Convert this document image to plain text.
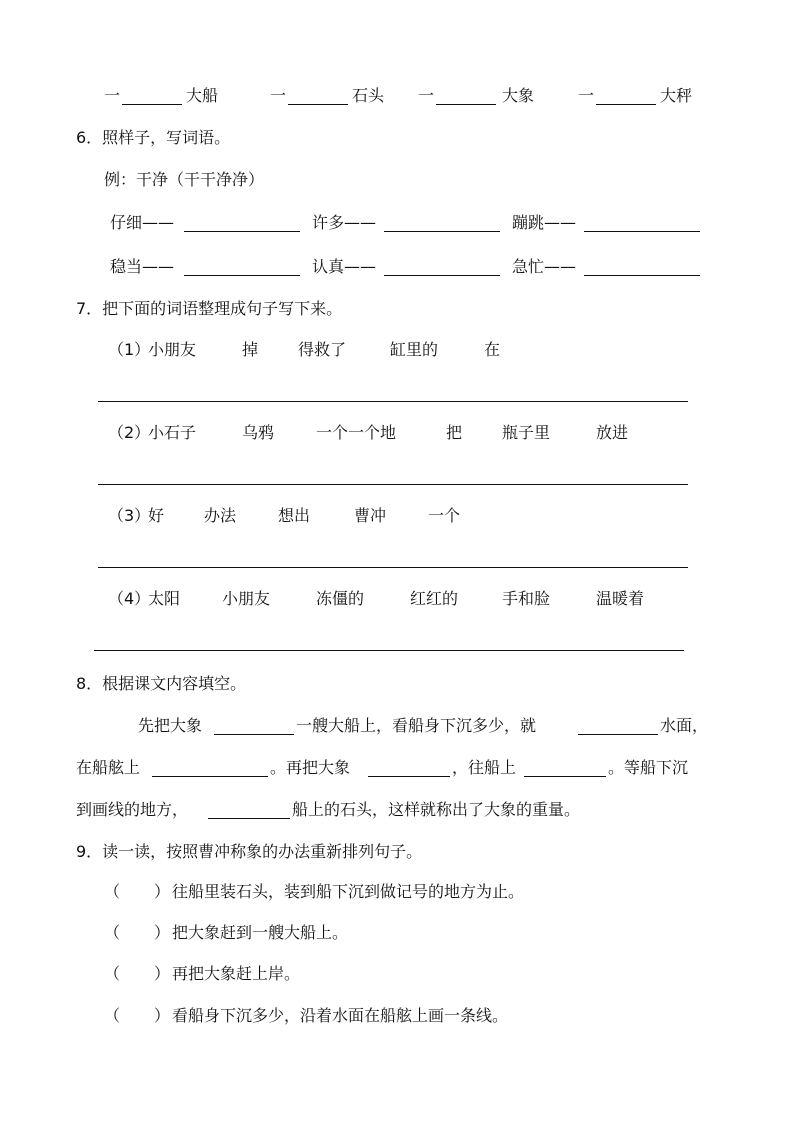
一	大船	一	石头 一	大象	一	大秤
6．照样子，写词语。
例：干净（干干净净）
仔细——	许多——	蹦跳——
稳当——	认真——	急忙——
7．把下面的词语整理成句子写下来。
（1）
小朋友	掉 得救了	缸里的	在
（2）
小石子	乌鸦	一个一个地	把 瓶子里	放进
（3）
好 办法	想出	曹冲	一个
（4）
太阳	小朋友	冻僵的	红红的	手和脸	温暖着
8．根据课文内容填空。
先把大象	一艘大船上，看船身下沉多少，就	水面，
在船舷上	。再把大象	，往船上	。等船下沉
到画线的地方，	船上的石头，这样就称出了大象的重量。
9．读一读，按照曹冲称象的办法重新排列句子。
（ ） 往船里装石头，装到船下沉到做记号的地方为止。
（ ） 把大象赶到一艘大船上。
（ ） 再把大象赶上岸。
（ ） 看船身下沉多少，沿着水面在船舷上画一条线。
